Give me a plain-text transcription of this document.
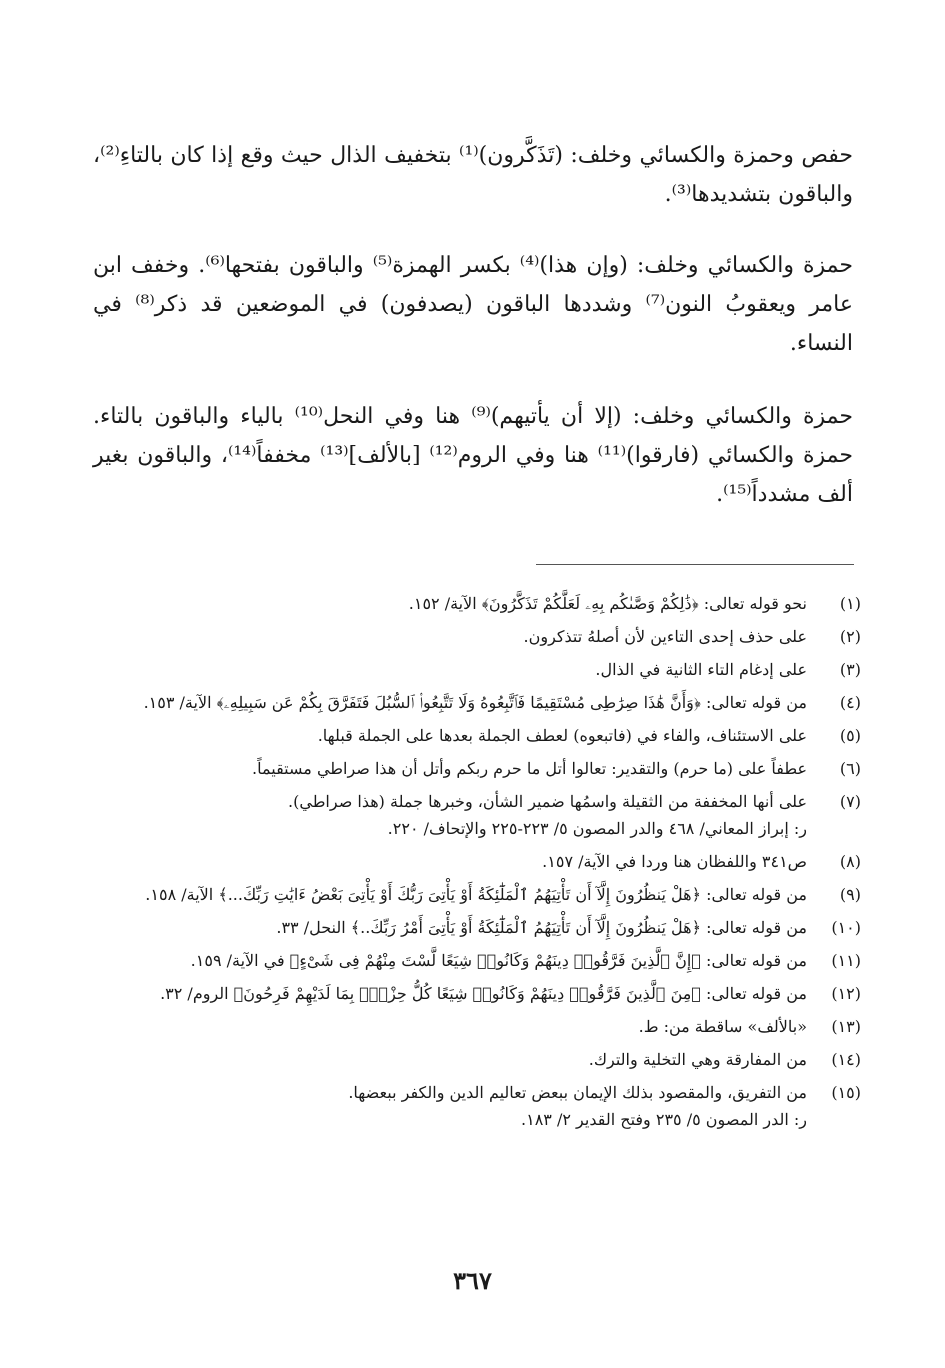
حفص وحمزة والكسائي وخلف: (تَذَكَّرون)⁽¹⁾ بتخفيف الذال حيث وقع إذا كان بالتاءِ⁽²⁾، والباقون بتشديدها⁽³⁾.

حمزة والكسائي وخلف: (وإن هذا)⁽⁴⁾ بكسر الهمزة⁽⁵⁾ والباقون بفتحها⁽⁶⁾. وخفف ابن عامر ويعقوبُ النون⁽⁷⁾ وشددها الباقون (يصدفون) في الموضعين قد ذكر⁽⁸⁾ في النساء.

حمزة والكسائي وخلف: (إلا أن يأتيهم)⁽⁹⁾ هنا وفي النحل⁽¹⁰⁾ بالياء والباقون بالتاء. حمزة والكسائي (فارقوا)⁽¹¹⁾ هنا وفي الروم⁽¹²⁾ [بالألف]⁽¹³⁾ مخففاً⁽¹⁴⁾، والباقون بغير ألف مشدداً⁽¹⁵⁾.

(١)
نحو قوله تعالى: ﴿ذَٰلِكُمْ وَصَّىٰكُم بِهِۦ لَعَلَّكُمْ تَذَكَّرُونَ﴾ الآية/ ١٥٢.
(٢)
على حذف إحدى التاءين لأن أصلهُ تتذكرون.
(٣)
على إدغام التاء الثانية في الذال.
(٤)
من قوله تعالى: ﴿وَأَنَّ هَٰذَا صِرَٰطِى مُسْتَقِيمًا فَٱتَّبِعُوهُ وَلَا تَتَّبِعُوا۟ ٱلسُّبُلَ فَتَفَرَّقَ بِكُمْ عَن سَبِيلِهِۦ﴾ الآية/ ١٥٣.
(٥)
على الاستئناف، والفاء في (فاتبعوه) لعطف الجملة بعدها على الجملة قبلها.
(٦)
عطفاً على (ما حرم) والتقدير: تعالوا أتل ما حرم ربكم وأتل أن هذا صراطي مستقيماً.
(٧)
على أنها المخففة من الثقيلة واسمُها ضمير الشأن، وخبرها جملة (هذا صراطي).
ر: إبراز المعاني/ ٤٦٨ والدر المصون ٥/ ٢٢٣-٢٢٥ والإتحاف/ ٢٢٠.
(٨)
ص٣٤١ واللفظان هنا وردا في الآية/ ١٥٧.
(٩)
من قوله تعالى: ﴿هَلْ يَنظُرُونَ إِلَّآ أَن تَأْتِيَهُمُ ٱلْمَلَٰٓئِكَةُ أَوْ يَأْتِىَ رَبُّكَ أَوْ يَأْتِىَ بَعْضُ ءَايَٰتِ رَبِّكَ...﴾ الآية/ ١٥٨.
(١٠)
من قوله تعالى: ﴿هَلْ يَنظُرُونَ إِلَّآ أَن تَأْتِيَهُمُ ٱلْمَلَٰٓئِكَةُ أَوْ يَأْتِىَ أَمْرُ رَبِّكَ..﴾ النحل/ ٣٣.
(١١)
من قوله تعالى: ﴿إِنَّ ٱلَّذِينَ فَرَّقُوا۟ دِينَهُمْ وَكَانُوا۟ شِيَعًا لَّسْتَ مِنْهُمْ فِى شَىْءٍ﴾ في الآية/ ١٥٩.
(١٢)
من قوله تعالى: ﴿مِنَ ٱلَّذِينَ فَرَّقُوا۟ دِينَهُمْ وَكَانُوا۟ شِيَعًا كُلُّ حِزْبٍۭ بِمَا لَدَيْهِمْ فَرِحُونَ﴾ الروم/ ٣٢.
(١٣)
«بالألف» ساقطة من: ط.
(١٤)
من المفارقة وهي التخلية والترك.
(١٥)
من التفريق، والمقصود بذلك الإيمان ببعض تعاليم الدين والكفر ببعضها.
ر: الدر المصون ٥/ ٢٣٥ وفتح القدير ٢/ ١٨٣.
٣٦٧
